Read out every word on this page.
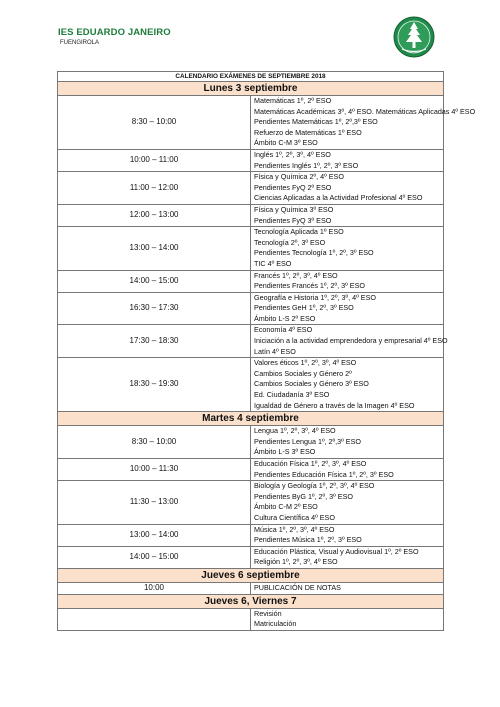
IES EDUARDO JANEIRO
FUENGIROLA
CALENDARIO EXÁMENES DE SEPTIEMBRE 2018	
Lunes 3 septiembre	
8:30 – 10:00	Matemáticas 1º, 2º ESO
Matemáticas Académicas 3º, 4º ESO. Matemáticas Aplicadas 4º ESO
Pendientes Matemáticas 1º, 2º,3º ESO
Refuerzo de Matemáticas 1º ESO
Ámbito C-M 3º ESO

10:00 – 11:00	Inglés 1º, 2º, 3º, 4º ESO
Pendientes Inglés 1º, 2º, 3º ESO

11:00 – 12:00	Física y Química 2º, 4º ESO
Pendientes FyQ 2º ESO
Ciencias Aplicadas a la Actividad Profesional 4º ESO

12:00 – 13:00	Física y Química 3º ESO
Pendientes FyQ 3º ESO

13:00 – 14:00	Tecnología Aplicada 1º ESO
Tecnología 2º, 3º ESO
Pendientes Tecnología 1º, 2º, 3º ESO
TIC 4º ESO

14:00 – 15:00	Francés 1º, 2º, 3º, 4º ESO
Pendientes Francés 1º, 2º, 3º ESO

16:30 – 17:30	Geografía e Historia 1º, 2º, 3º, 4º ESO
Pendientes GeH 1º, 2º, 3º ESO
Ámbito L-S 2º ESO

17:30 – 18:30	Economía 4º ESO
Iniciación a la actividad emprendedora y empresarial 4º ESO
Latín 4º ESO

18:30 – 19:30	Valores éticos 1º, 2º, 3º, 4º ESO
Cambios Sociales y Género 2º
Cambios Sociales y Género 3º ESO
Ed. Ciudadanía 3º ESO
Igualdad de Género a través de la Imagen 4º ESO

Martes 4 septiembre	
8:30 – 10:00	Lengua 1º, 2º, 3º, 4º ESO
Pendientes Lengua 1º, 2º,3º ESO
Ámbito L-S 3º ESO

10:00 – 11:30	Educación Física 1º, 2º, 3º, 4º ESO
Pendientes Educación Física 1º, 2º, 3º ESO

11:30 – 13:00	Biología y Geología 1º, 2º, 3º, 4º ESO
Pendientes ByG 1º, 2º, 3º ESO
Ámbito C-M 2º ESO
Cultura Científica 4º ESO

13:00 – 14:00	Música 1º, 2º, 3º, 4º ESO
Pendientes Música 1º, 2º, 3º ESO

14:00 – 15:00	Educación Plástica, Visual y Audiovisual 1º, 2º ESO
Religión 1º, 2º, 3º, 4º ESO

Jueves 6 septiembre	
10:00	PUBLICACIÓN DE NOTAS

Jueves 6, Viernes 7	

	Revisión
Matriculación
